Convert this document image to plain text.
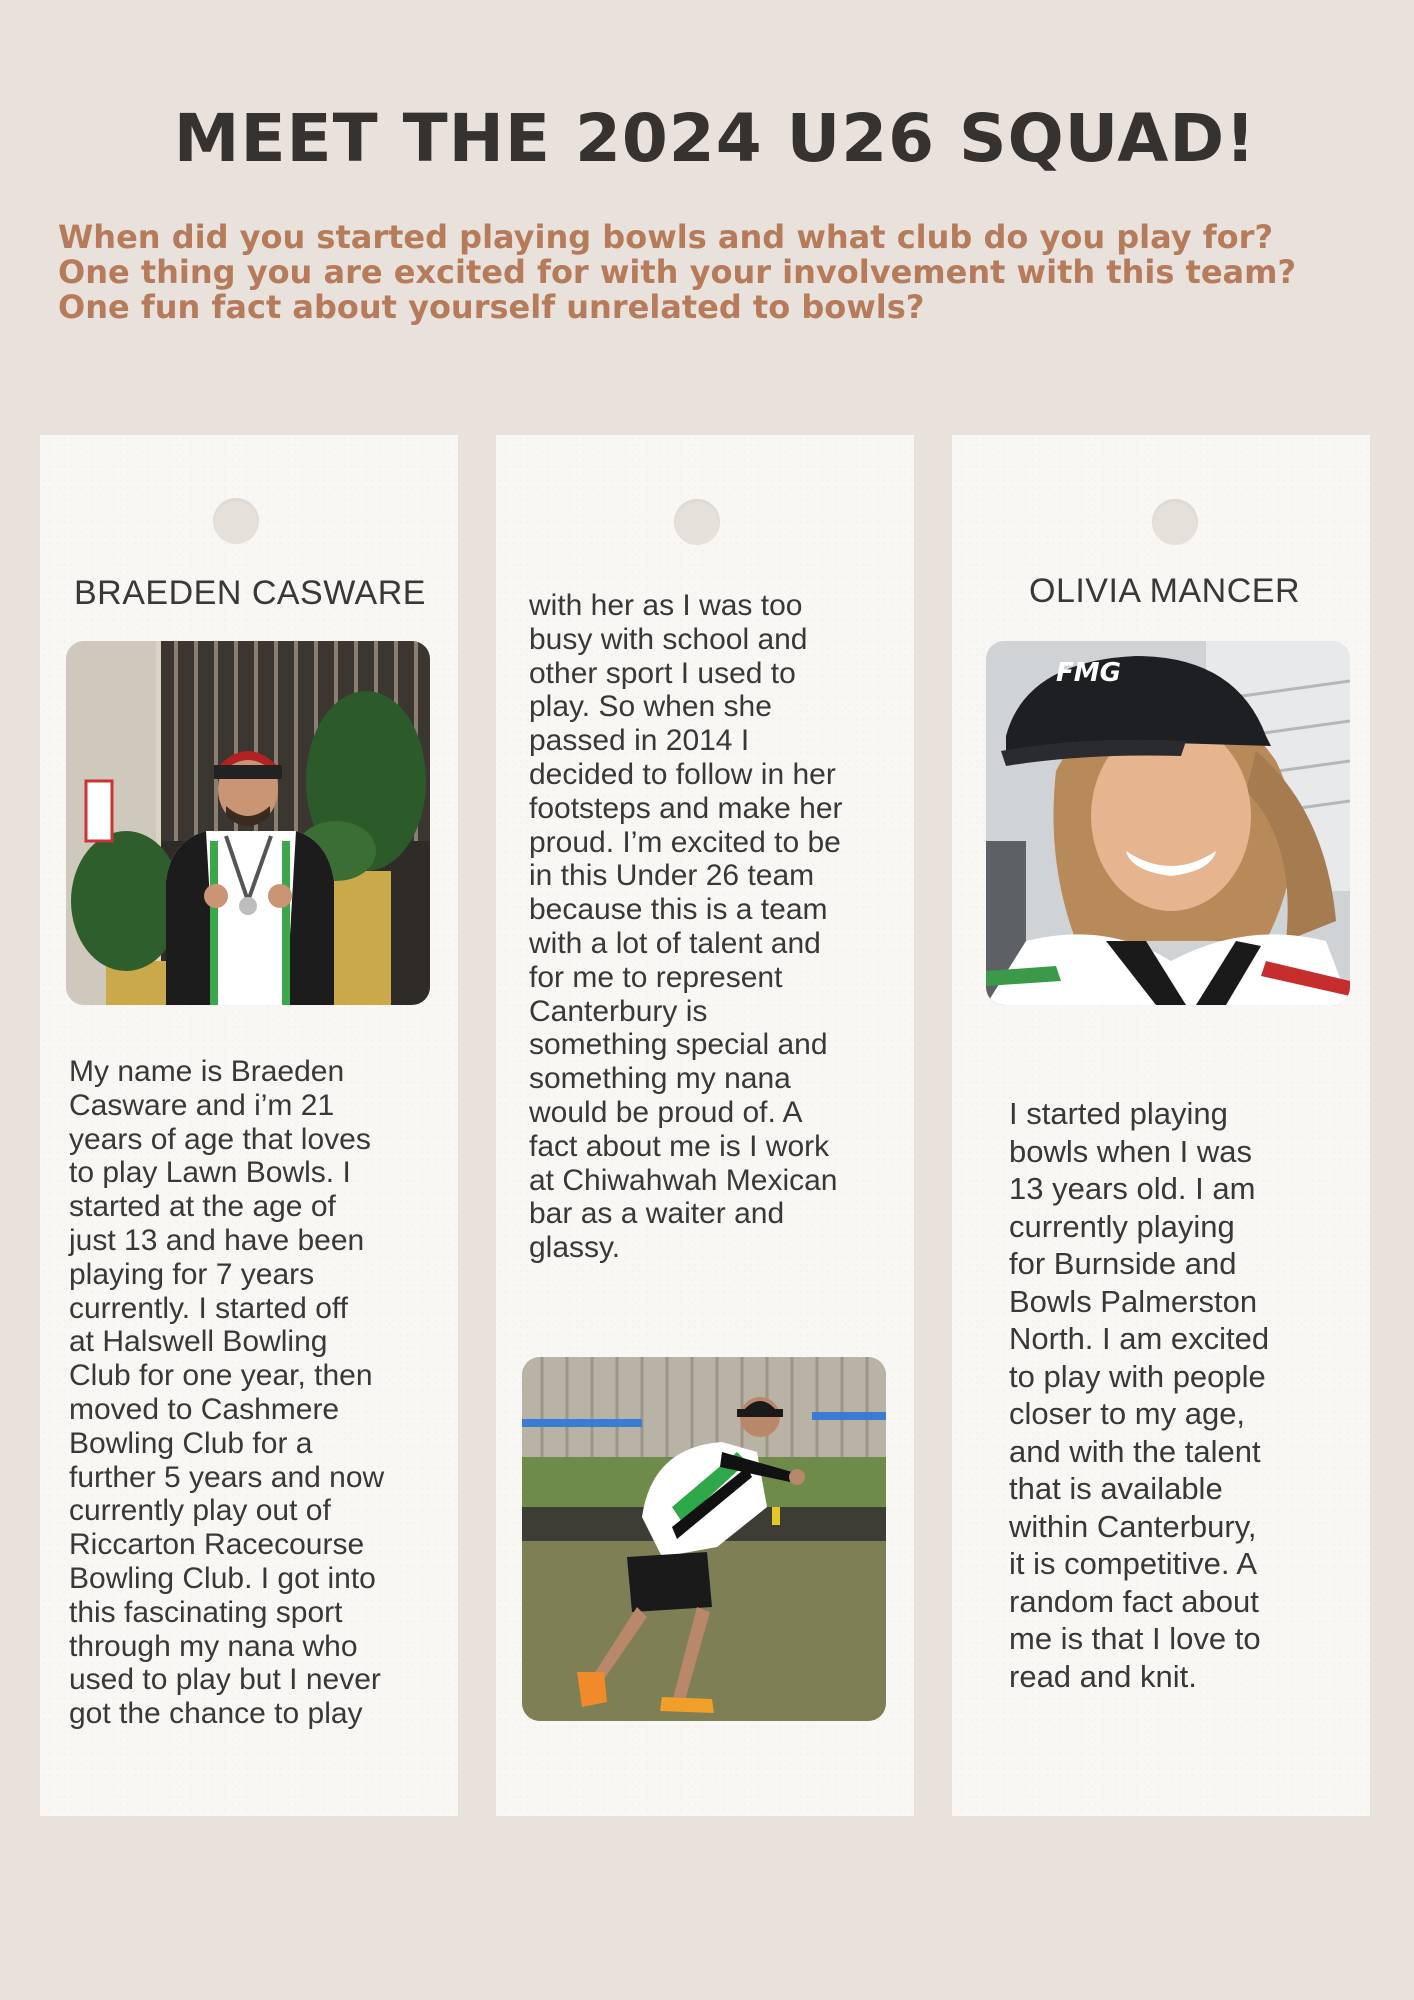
MEET THE 2024 U26 SQUAD!
When did you started playing bowls and what club do you play for?
One thing you are excited for with your involvement with this team?
One fun fact about yourself unrelated to bowls?
BRAEDEN CASWARE
My name is Braeden
Casware and i’m 21
years of age that loves
to play Lawn Bowls. I
started at the age of
just 13 and have been
playing for 7 years
currently. I started off
at Halswell Bowling
Club for one year, then
moved to Cashmere
Bowling Club for a
further 5 years and now
currently play out of
Riccarton Racecourse
Bowling Club. I got into
this fascinating sport
through my nana who
used to play but I never
got the chance to play
with her as I was too
busy with school and
other sport I used to
play. So when she
passed in 2014 I
decided to follow in her
footsteps and make her
proud. I’m excited to be
in this Under 26 team
because this is a team
with a lot of talent and
for me to represent
Canterbury is
something special and
something my nana
would be proud of. A
fact about me is I work
at Chiwahwah Mexican
bar as a waiter and
glassy.
OLIVIA MANCER
FMG
I started playing
bowls when I was
13 years old. I am
currently playing
for Burnside and
Bowls Palmerston
North. I am excited
to play with people
closer to my age,
and with the talent
that is available
within Canterbury,
it is competitive. A
random fact about
me is that I love to
read and knit.
